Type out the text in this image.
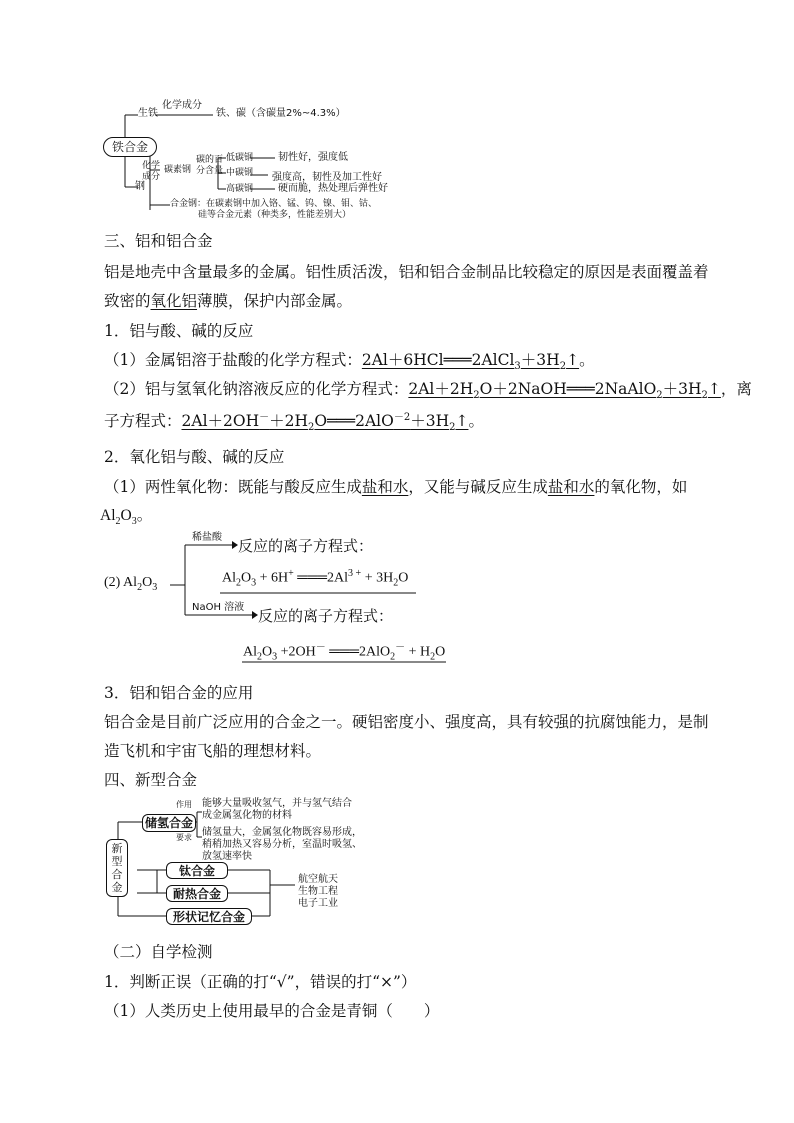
铁合金
生铁
化学成分
铁、碳（含碳量2%~4.3%）
钢
化学成分
碳素钢
碳的百
分含量
低碳钢 韧性好，强度低
中碳钢 强度高，韧性及加工性好
高碳钢 硬而脆，热处理后弹性好
合金钢：在碳素钢中加入铬、锰、钨、镍、钼、钴、
硅等合金元素（种类多，性能差别大）
三、铝和铝合金
铝是地壳中含量最多的金属。铝性质活泼，铝和铝合金制品比较稳定的原因是表面覆盖着
致密的氧化铝薄膜，保护内部金属。
1．铝与酸、碱的反应
（1）金属铝溶于盐酸的化学方程式：$2Al+6HCl═══2AlCl_3+3H_2↑$。
（2）铝与氢氧化钠溶液反应的化学方程式：$2Al+2H_2O+2NaOH═══2NaAlO_2+3H_2↑$，离
子方程式：$2Al+2OH^-+2H_2O═══2AlO^{-2}+3H_2↑$。
2．氧化铝与酸、碱的反应
（1）两性氧化物：既能与酸反应生成盐和水，又能与碱反应生成盐和水的氧化物，如
$Al_2O_3$。
(2) $Al_2O_3$
稀盐酸 反应的离子方程式：
$Al_2O_3 + 6H^+$ $═══2Al^{3 +} + 3H_2O$
NaOH 溶液 反应的离子方程式：
$Al_2O_3 +2OH^-$ ═══2AlO$_2$－ + $H_2O$
3．铝和铝合金的应用
铝合金是目前广泛应用的合金之一。硬铝密度小、强度高，具有较强的抗腐蚀能力，是制
造飞机和宇宙飞船的理想材料。
四、新型合金
新型合金
储氢合金
作用 能够大量吸收氢气，并与氢气结合
成金属氢化物的材料
要求 储氢量大，金属氢化物既容易形成，
稍稍加热又容易分析，室温时吸氢、
放氢速率快
钛合金
耐热合金
形状记忆合金
航空航天
生物工程
电子工业
（二）自学检测
1．判断正误（正确的打“√”，错误的打“×”）
（1）人类历史上使用最早的合金是青铜（　　）
